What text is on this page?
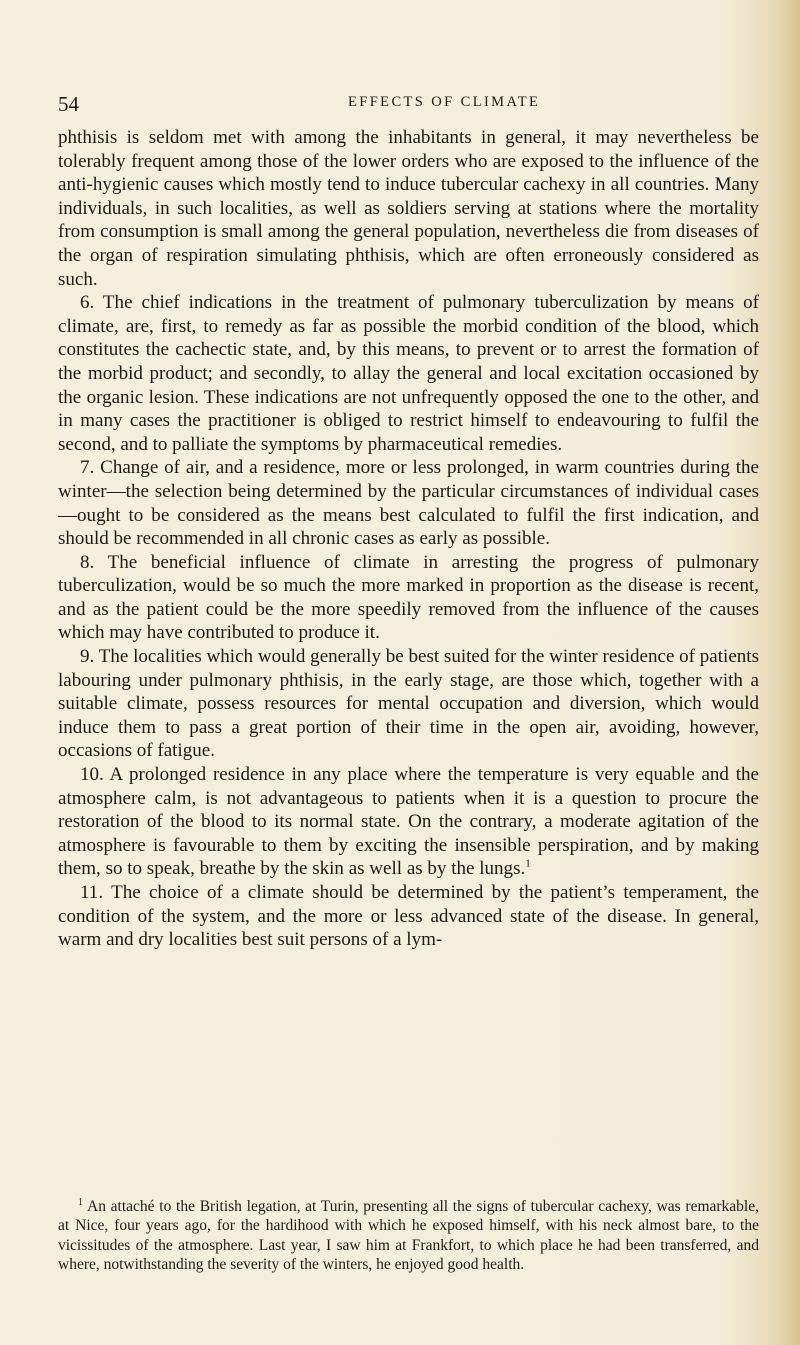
54	EFFECTS OF CLIMATE

phthisis is seldom met with among the inhabitants in general, it may nevertheless be tolerably frequent among those of the lower orders who are exposed to the influence of the anti-hygienic causes which mostly tend to induce tubercular cachexy in all countries. Many individuals, in such localities, as well as soldiers serving at stations where the mortality from consumption is small among the general population, nevertheless die from diseases of the organ of respiration simulating phthisis, which are often erroneously considered as such.

6. The chief indications in the treatment of pulmonary tuberculization by means of climate, are, first, to remedy as far as possible the morbid condition of the blood, which constitutes the cachectic state, and, by this means, to prevent or to arrest the formation of the morbid product; and secondly, to allay the general and local excitation occasioned by the organic lesion. These indications are not unfrequently opposed the one to the other, and in many cases the practitioner is obliged to restrict himself to endeavouring to fulfil the second, and to palliate the symptoms by pharmaceutical remedies.

7. Change of air, and a residence, more or less prolonged, in warm countries during the winter—the selection being determined by the particular circumstances of individual cases—ought to be considered as the means best calculated to fulfil the first indication, and should be recommended in all chronic cases as early as possible.

8. The beneficial influence of climate in arresting the progress of pulmonary tuberculization, would be so much the more marked in proportion as the disease is recent, and as the patient could be the more speedily removed from the influence of the causes which may have contributed to produce it.

9. The localities which would generally be best suited for the winter residence of patients labouring under pulmonary phthisis, in the early stage, are those which, together with a suitable climate, possess resources for mental occupation and diversion, which would induce them to pass a great portion of their time in the open air, avoiding, however, occasions of fatigue.

10. A prolonged residence in any place where the temperature is very equable and the atmosphere calm, is not advantageous to patients when it is a question to procure the restoration of the blood to its normal state. On the contrary, a moderate agitation of the atmosphere is favourable to them by exciting the insensible perspiration, and by making them, so to speak, breathe by the skin as well as by the lungs.$^1$

11. The choice of a climate should be determined by the patient’s temperament, the condition of the system, and the more or less advanced state of the disease. In general, warm and dry localities best suit persons of a lym-

$^1$ An attaché to the British legation, at Turin, presenting all the signs of tubercular cachexy, was remarkable, at Nice, four years ago, for the hardihood with which he exposed himself, with his neck almost bare, to the vicissitudes of the atmosphere. Last year, I saw him at Frankfort, to which place he had been transferred, and where, notwithstanding the severity of the winters, he enjoyed good health.
